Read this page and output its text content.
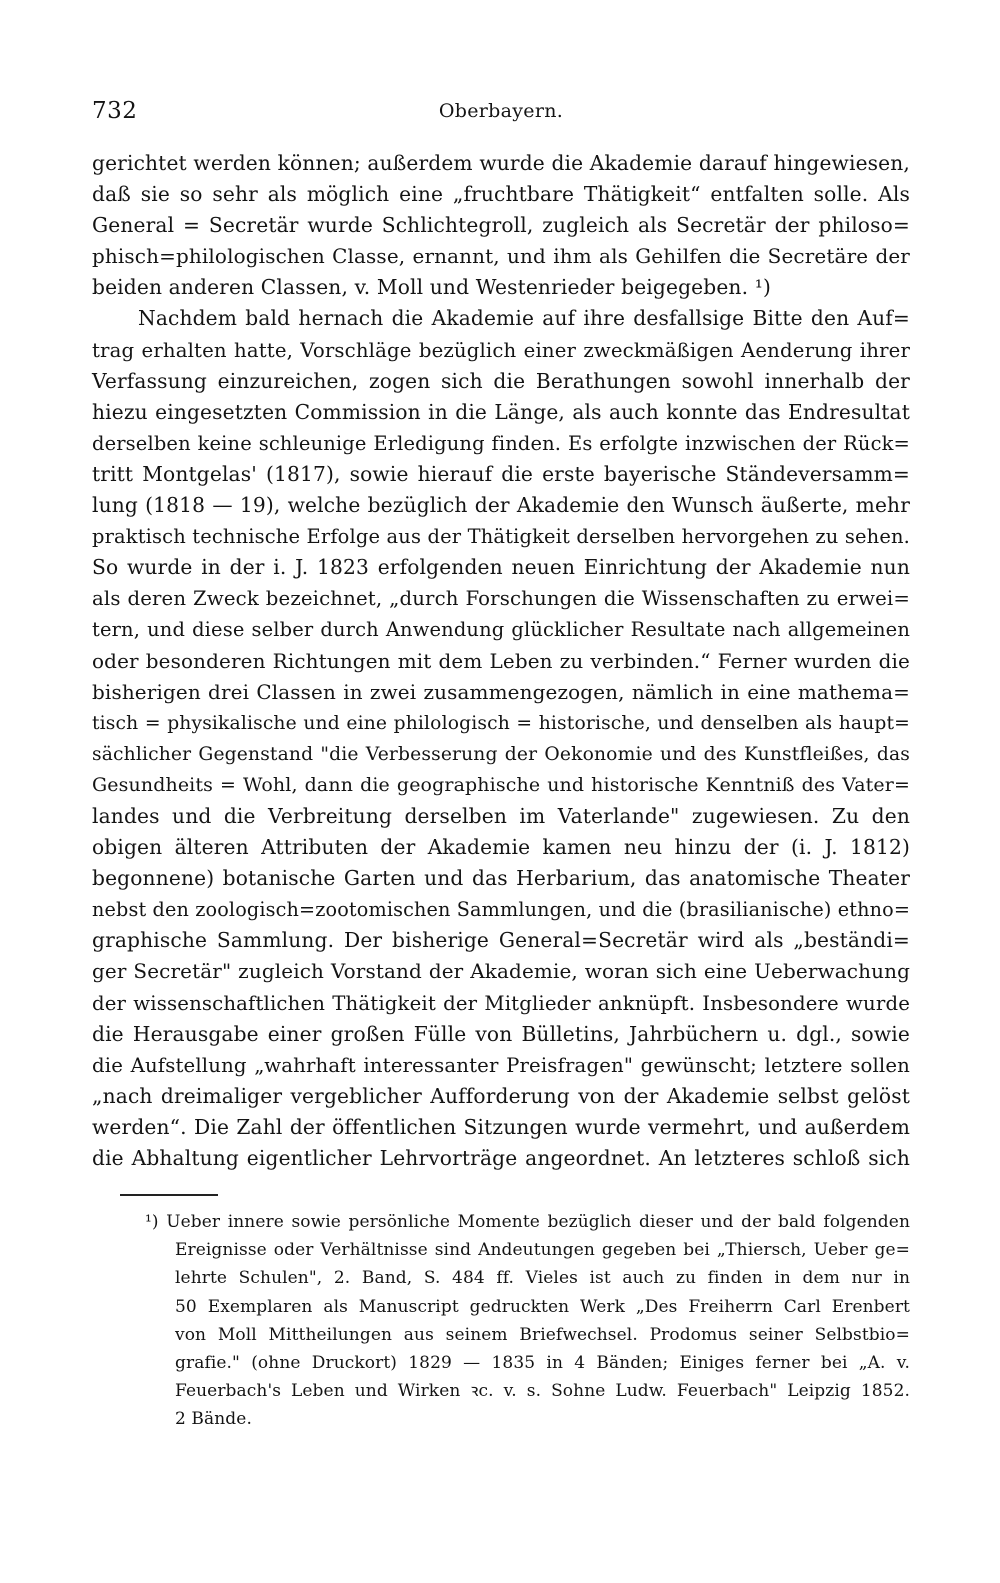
732	Oberbayern.
gerichtet werden können; außerdem wurde die Akademie darauf hingewiesen,
daß sie so sehr als möglich eine „fruchtbare Thätigkeit“ entfalten solle. Als
General = Secretär wurde Schlichtegroll, zugleich als Secretär der philoso=
phisch=philologischen Classe, ernannt, und ihm als Gehilfen die Secretäre der
beiden anderen Classen, v. Moll und Westenrieder beigegeben. ¹)
Nachdem bald hernach die Akademie auf ihre desfallsige Bitte den Auf=
trag erhalten hatte, Vorschläge bezüglich einer zweckmäßigen Aenderung ihrer
Verfassung einzureichen, zogen sich die Berathungen sowohl innerhalb der
hiezu eingesetzten Commission in die Länge, als auch konnte das Endresultat
derselben keine schleunige Erledigung finden. Es erfolgte inzwischen der Rück=
tritt Montgelas' (1817), sowie hierauf die erste bayerische Ständeversamm=
lung (1818 — 19), welche bezüglich der Akademie den Wunsch äußerte, mehr
praktisch technische Erfolge aus der Thätigkeit derselben hervorgehen zu sehen.
So wurde in der i. J. 1823 erfolgenden neuen Einrichtung der Akademie nun
als deren Zweck bezeichnet, „durch Forschungen die Wissenschaften zu erwei=
tern, und diese selber durch Anwendung glücklicher Resultate nach allgemeinen
oder besonderen Richtungen mit dem Leben zu verbinden.“ Ferner wurden die
bisherigen drei Classen in zwei zusammengezogen, nämlich in eine mathema=
tisch = physikalische und eine philologisch = historische, und denselben als haupt=
sächlicher Gegenstand "die Verbesserung der Oekonomie und des Kunstfleißes, das
Gesundheits = Wohl, dann die geographische und historische Kenntniß des Vater=
landes und die Verbreitung derselben im Vaterlande" zugewiesen. Zu den
obigen älteren Attributen der Akademie kamen neu hinzu der (i. J. 1812)
begonnene) botanische Garten und das Herbarium, das anatomische Theater
nebst den zoologisch=zootomischen Sammlungen, und die (brasilianische) ethno=
graphische Sammlung. Der bisherige General=Secretär wird als „beständi=
ger Secretär" zugleich Vorstand der Akademie, woran sich eine Ueberwachung
der wissenschaftlichen Thätigkeit der Mitglieder anknüpft. Insbesondere wurde
die Herausgabe einer großen Fülle von Bülletins, Jahrbüchern u. dgl., sowie
die Aufstellung „wahrhaft interessanter Preisfragen" gewünscht; letztere sollen
„nach dreimaliger vergeblicher Aufforderung von der Akademie selbst gelöst
werden“. Die Zahl der öffentlichen Sitzungen wurde vermehrt, und außerdem
die Abhaltung eigentlicher Lehrvorträge angeordnet. An letzteres schloß sich
¹) Ueber innere sowie persönliche Momente bezüglich dieser und der bald folgenden
Ereignisse oder Verhältnisse sind Andeutungen gegeben bei „Thiersch, Ueber ge=
lehrte Schulen", 2. Band, S. 484 ff. Vieles ist auch zu finden in dem nur in
50 Exemplaren als Manuscript gedruckten Werk „Des Freiherrn Carl Erenbert
von Moll Mittheilungen aus seinem Briefwechsel. Prodomus seiner Selbstbio=
grafie." (ohne Druckort) 1829 — 1835 in 4 Bänden; Einiges ferner bei „A. v.
Feuerbach's Leben und Wirken ꝛc. v. s. Sohne Ludw. Feuerbach" Leipzig 1852.
2 Bände.
